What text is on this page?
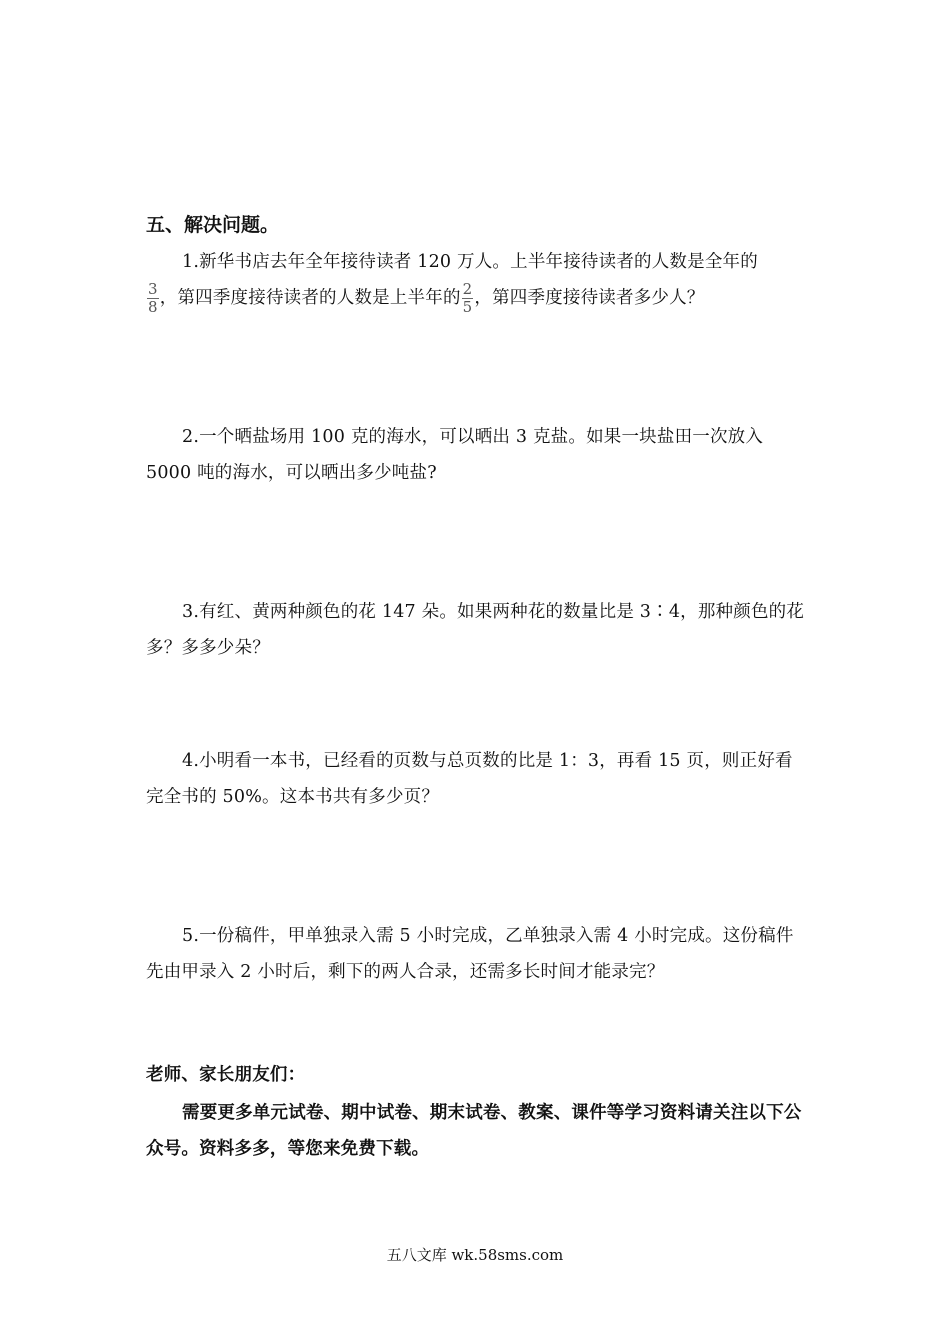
五、解决问题。
1.新华书店去年全年接待读者 120 万人。上半年接待读者的人数是全年的

$\frac{3}{8}$ ，第四季度接待读者的人数是上半年的 $\frac{2}{5}$ ，第四季度接待读者多少人？
2.一个晒盐场用 100 克的海水，可以晒出 3 克盐。如果一块盐田一次放入 5000 吨的海水，可以晒出多少吨盐?
3.有红、黄两种颜色的花 147 朵。如果两种花的数量比是 3∶4，那种颜色的花多？多多少朵？
4.小明看一本书，已经看的页数与总页数的比是 1：3，再看 15 页，则正好看完全书的 50%。这本书共有多少页？
5.一份稿件，甲单独录入需 5 小时完成，乙单独录入需 4 小时完成。这份稿件先由甲录入 2 小时后，剩下的两人合录，还需多长时间才能录完？
老师、家长朋友们：
需要更多单元试卷、期中试卷、期末试卷、教案、课件等学习资料请关注以下公众号。资料多多，等您来免费下载。
五八文库 wk.58sms.com
